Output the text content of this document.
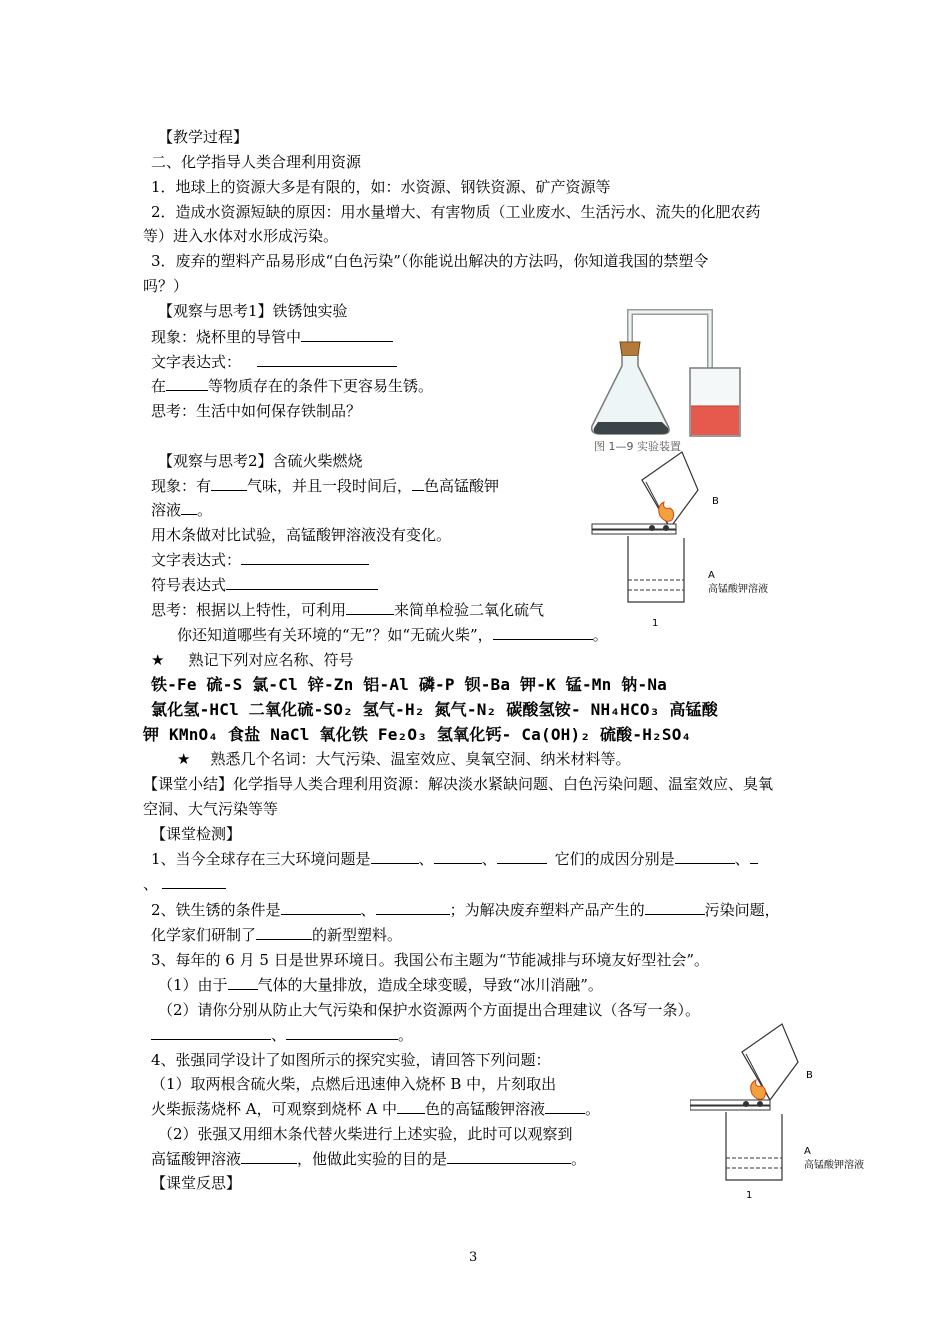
【教学过程】
二、化学指导人类合理利用资源
1．地球上的资源大多是有限的，如：水资源、钢铁资源、矿产资源等
2．造成水资源短缺的原因：用水量增大、有害物质（工业废水、生活污水、流失的化肥农药
等）进入水体对水形成污染。
3．废弃的塑料产品易形成“白色污染”（你能说出解决的方法吗，你知道我国的禁塑令
吗？）
【观察与思考1】铁锈蚀实验
现象：烧杯里的导管中
文字表达式：
在	等物质存在的条件下更容易生锈。
思考：生活中如何保存铁制品？
【观察与思考2】含硫火柴燃烧
现象：有 气味，并且一段时间后， 色高锰酸钾
溶液 。
用木条做对比试验，高锰酸钾溶液没有变化。
文字表达式：
符号表达式
思考：根据以上特性，可利用	来简单检验二氧化硫气
你还知道哪些有关环境的“无”？如“无硫火柴”，	。
★ 熟记下列对应名称、符号
铁-Fe 硫-S 氯-Cl 锌-Zn 铝-Al 磷-P 钡-Ba 钾-K 锰-Mn 钠-Na
氯化氢-HCl 二氧化硫-SO₂ 氢气-H₂ 氮气-N₂ 碳酸氢铵- NH₄HCO₃ 高锰酸
钾 KMnO₄ 食盐 NaCl 氧化铁 Fe₂O₃ 氢氧化钙- Ca(OH)₂ 硫酸-H₂SO₄
★ 熟悉几个名词：大气污染、温室效应、臭氧空洞、纳米材料等。
【课堂小结】化学指导人类合理利用资源：解决淡水紧缺问题、白色污染问题、温室效应、臭氧
空洞、大气污染等等
【课堂检测】
1、当今全球存在三大环境问题是	、	、	它们的成因分别是	、
、
2、铁生锈的条件是	、	；为解决废弃塑料产品产生的	污染问题，
化学家们研制了	的新型塑料。
3、每年的 6 月 5 日是世界环境日。我国公布主题为“节能减排与环境友好型社会”。
（1）由于 气体的大量排放，造成全球变暖，导致“冰川消融”。
（2）请你分别从防止大气污染和保护水资源两个方面提出合理建议（各写一条）。
、	。
4、张强同学设计了如图所示的探究实验，请回答下列问题：
（1）取两根含硫火柴，点燃后迅速伸入烧杯 B 中，片刻取出
火柴振荡烧杯 A，可观察到烧杯 A 中 色的高锰酸钾溶液	。
（2）张强又用细木条代替火柴进行上述实验，此时可以观察到
高锰酸钾溶液	，他做此实验的目的是	。
【课堂反思】
图 1—9 实验装置
B
A
高锰酸钾溶液
1
B
A
高锰酸钾溶液
1
3
